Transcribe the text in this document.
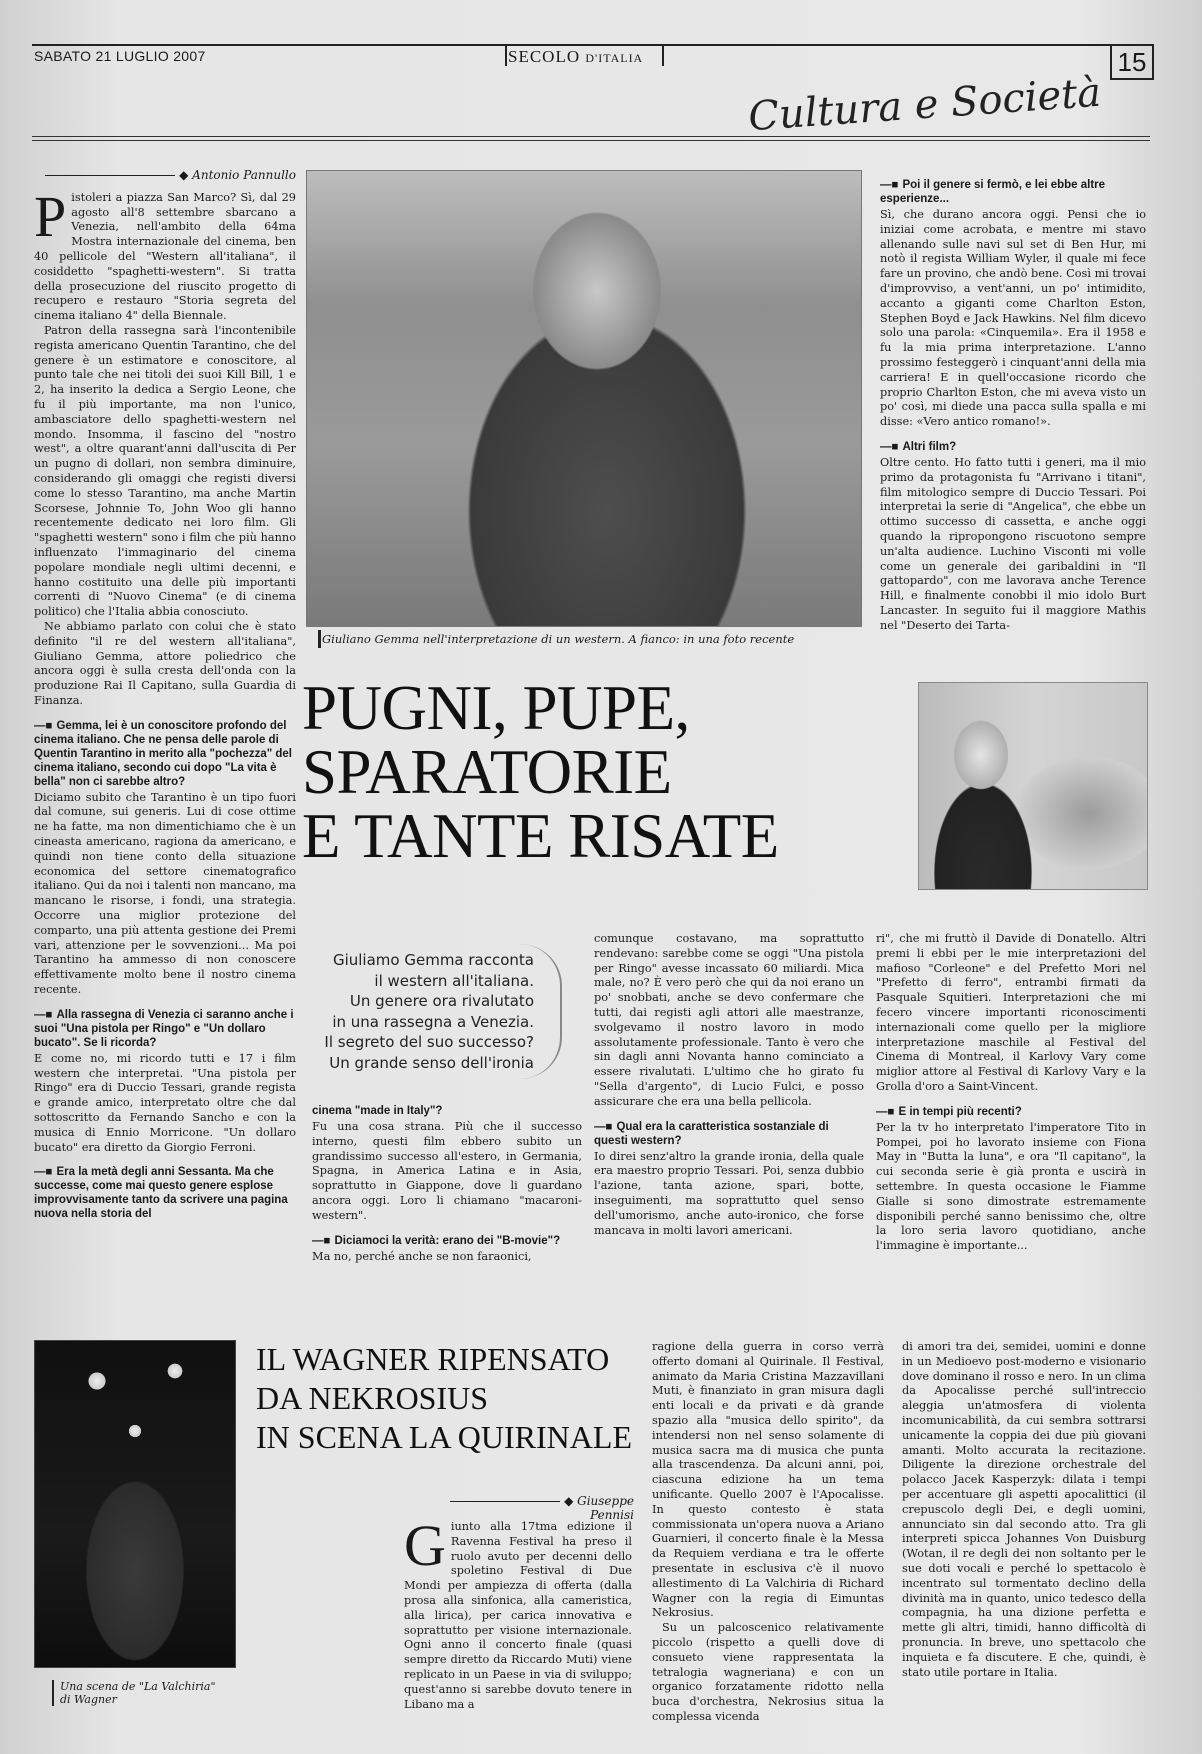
SABATO 21 LUGLIO 2007	SECOLO D'ITALIA	15
Cultura e Società
◆ Antonio Pannullo

Pistoleri a piazza San Marco? Sì, dal 29 agosto all'8 settembre sbarcano a Venezia, nell'ambito della 64ma Mostra internazionale del cinema, ben 40 pellicole del "Western all'italiana", il cosiddetto "spaghetti-western". Si tratta della prosecuzione del riuscito progetto di recupero e restauro "Storia segreta del cinema italiano 4" della Biennale.

Patron della rassegna sarà l'incontenibile regista americano Quentin Tarantino, che del genere è un estimatore e conoscitore, al punto tale che nei titoli dei suoi Kill Bill, 1 e 2, ha inserito la dedica a Sergio Leone, che fu il più importante, ma non l'unico, ambasciatore dello spaghetti-western nel mondo. Insomma, il fascino del "nostro west", a oltre quarant'anni dall'uscita di Per un pugno di dollari, non sembra diminuire, considerando gli omaggi che registi diversi come lo stesso Tarantino, ma anche Martin Scorsese, Johnnie To, John Woo gli hanno recentemente dedicato nei loro film. Gli "spaghetti western" sono i film che più hanno influenzato l'immaginario del cinema popolare mondiale negli ultimi decenni, e hanno costituito una delle più importanti correnti di "Nuovo Cinema" (e di cinema politico) che l'Italia abbia conosciuto.

Ne abbiamo parlato con colui che è stato definito "il re del western all'italiana", Giuliano Gemma, attore poliedrico che ancora oggi è sulla cresta dell'onda con la produzione Rai Il Capitano, sulla Guardia di Finanza.

—■ Gemma, lei è un conoscitore profondo del cinema italiano. Che ne pensa delle parole di Quentin Tarantino in merito alla "pochezza" del cinema italiano, secondo cui dopo "La vita è bella" non ci sarebbe altro?

Diciamo subito che Tarantino è un tipo fuori dal comune, sui generis. Lui di cose ottime ne ha fatte, ma non dimentichiamo che è un cineasta americano, ragiona da americano, e quindi non tiene conto della situazione economica del settore cinematografico italiano. Qui da noi i talenti non mancano, ma mancano le risorse, i fondi, una strategia. Occorre una miglior protezione del comparto, una più attenta gestione dei Premi vari, attenzione per le sovvenzioni... Ma poi Tarantino ha ammesso di non conoscere effettivamente molto bene il nostro cinema recente.

—■ Alla rassegna di Venezia ci saranno anche i suoi "Una pistola per Ringo" e "Un dollaro bucato". Se li ricorda?

E come no, mi ricordo tutti e 17 i film western che interpretai. "Una pistola per Ringo" era di Duccio Tessari, grande regista e grande amico, interpretato oltre che dal sottoscritto da Fernando Sancho e con la musica di Ennio Morricone. "Un dollaro bucato" era diretto da Giorgio Ferroni.

—■ Era la metà degli anni Sessanta. Ma che successe, come mai questo genere esplose improvvisamente tanto da scrivere una pagina nuova nella storia del
Giuliano Gemma nell'interpretazione di un western. A fianco: in una foto recente
—■ Poi il genere si fermò, e lei ebbe altre esperienze...

Sì, che durano ancora oggi. Pensi che io iniziai come acrobata, e mentre mi stavo allenando sulle navi sul set di Ben Hur, mi notò il regista William Wyler, il quale mi fece fare un provino, che andò bene. Così mi trovai d'improvviso, a vent'anni, un po' intimidito, accanto a giganti come Charlton Eston, Stephen Boyd e Jack Hawkins. Nel film dicevo solo una parola: «Cinquemila». Era il 1958 e fu la mia prima interpretazione. L'anno prossimo festeggerò i cinquant'anni della mia carriera! E in quell'occasione ricordo che proprio Charlton Eston, che mi aveva visto un po' così, mi diede una pacca sulla spalla e mi disse: «Vero antico romano!».

—■ Altri film?

Oltre cento. Ho fatto tutti i generi, ma il mio primo da protagonista fu "Arrivano i titani", film mitologico sempre di Duccio Tessari. Poi interpretai la serie di "Angelica", che ebbe un ottimo successo di cassetta, e anche oggi quando la ripropongono riscuotono sempre un'alta audience. Luchino Visconti mi volle come un generale dei garibaldini in "Il gattopardo", con me lavorava anche Terence Hill, e finalmente conobbi il mio idolo Burt Lancaster. In seguito fui il maggiore Mathis nel "Deserto dei Tarta-

PUGNI, PUPE,
SPARATORIE
E TANTE RISATE
Giuliamo Gemma racconta
il western all'italiana.
Un genere ora rivalutato
in una rassegna a Venezia.
Il segreto del suo successo?
Un grande senso dell'ironia
cinema "made in Italy"?

Fu una cosa strana. Più che il successo interno, questi film ebbero subito un grandissimo successo all'estero, in Germania, Spagna, in America Latina e in Asia, soprattutto in Giappone, dove li guardano ancora oggi. Loro li chiamano "macaroni-western".

—■ Diciamoci la verità: erano dei "B-movie"?

Ma no, perché anche se non faraonici,

comunque costavano, ma soprattutto rendevano: sarebbe come se oggi "Una pistola per Ringo" avesse incassato 60 miliardi. Mica male, no? È vero però che qui da noi erano un po' snobbati, anche se devo confermare che tutti, dai registi agli attori alle maestranze, svolgevamo il nostro lavoro in modo assolutamente professionale. Tanto è vero che sin dagli anni Novanta hanno cominciato a essere rivalutati. L'ultimo che ho girato fu "Sella d'argento", di Lucio Fulci, e posso assicurare che era una bella pellicola.

—■ Qual era la caratteristica sostanziale di questi western?

Io direi senz'altro la grande ironia, della quale era maestro proprio Tessari. Poi, senza dubbio l'azione, tanta azione, spari, botte, inseguimenti, ma soprattutto quel senso dell'umorismo, anche auto-ironico, che forse mancava in molti lavori americani.

ri", che mi fruttò il Davide di Donatello. Altri premi li ebbi per le mie interpretazioni del mafioso "Corleone" e del Prefetto Mori nel "Prefetto di ferro", entrambi firmati da Pasquale Squitieri. Interpretazioni che mi fecero vincere importanti riconoscimenti internazionali come quello per la migliore interpretazione maschile al Festival del Cinema di Montreal, il Karlovy Vary come miglior attore al Festival di Karlovy Vary e la Grolla d'oro a Saint-Vincent.

—■ E in tempi più recenti?

Per la tv ho interpretato l'imperatore Tito in Pompei, poi ho lavorato insieme con Fiona May in "Butta la luna", e ora "Il capitano", la cui seconda serie è già pronta e uscirà in settembre. In questa occasione le Fiamme Gialle si sono dimostrate estremamente disponibili perché sanno benissimo che, oltre la loro seria lavoro quotidiano, anche l'immagine è importante...

Una scena de "La Valchiria"
di Wagner
IL WAGNER RIPENSATO
DA NEKROSIUS
IN SCENA LA QUIRINALE
◆ Giuseppe Pennisi

Giunto alla 17tma edizione il Ravenna Festival ha preso il ruolo avuto per decenni dello spoletino Festival di Due Mondi per ampiezza di offerta (dalla prosa alla sinfonica, alla cameristica, alla lirica), per carica innovativa e soprattutto per visione internazionale. Ogni anno il concerto finale (quasi sempre diretto da Riccardo Muti) viene replicato in un Paese in via di sviluppo; quest'anno si sarebbe dovuto tenere in Libano ma a

ragione della guerra in corso verrà offerto domani al Quirinale. Il Festival, animato da Maria Cristina Mazzavillani Muti, è finanziato in gran misura dagli enti locali e da privati e dà grande spazio alla "musica dello spirito", da intendersi non nel senso solamente di musica sacra ma di musica che punta alla trascendenza. Da alcuni anni, poi, ciascuna edizione ha un tema unificante. Quello 2007 è l'Apocalisse. In questo contesto è stata commissionata un'opera nuova a Ariano Guarnieri, il concerto finale è la Messa da Requiem verdiana e tra le offerte presentate in esclusiva c'è il nuovo allestimento di La Valchiria di Richard Wagner con la regia di Eimuntas Nekrosius.

Su un palcoscenico relativamente piccolo (rispetto a quelli dove di consueto viene rappresentata la tetralogia wagneriana) e con un organico forzatamente ridotto nella buca d'orchestra, Nekrosius situa la complessa vicenda

di amori tra dei, semidei, uomini e donne in un Medioevo post-moderno e visionario dove dominano il rosso e nero. In un clima da Apocalisse perché sull'intreccio aleggia un'atmosfera di violenta incomunicabilità, da cui sembra sottrarsi unicamente la coppia dei due più giovani amanti. Molto accurata la recitazione. Diligente la direzione orchestrale del polacco Jacek Kasperzyk: dilata i tempi per accentuare gli aspetti apocalittici (il crepuscolo degli Dei, e degli uomini, annunciato sin dal secondo atto. Tra gli interpreti spicca Johannes Von Duisburg (Wotan, il re degli dei non soltanto per le sue doti vocali e perché lo spettacolo è incentrato sul tormentato declino della divinità ma in quanto, unico tedesco della compagnia, ha una dizione perfetta e mette gli altri, timidi, hanno difficoltà di pronuncia. In breve, uno spettacolo che inquieta e fa discutere. E che, quindi, è stato utile portare in Italia.
